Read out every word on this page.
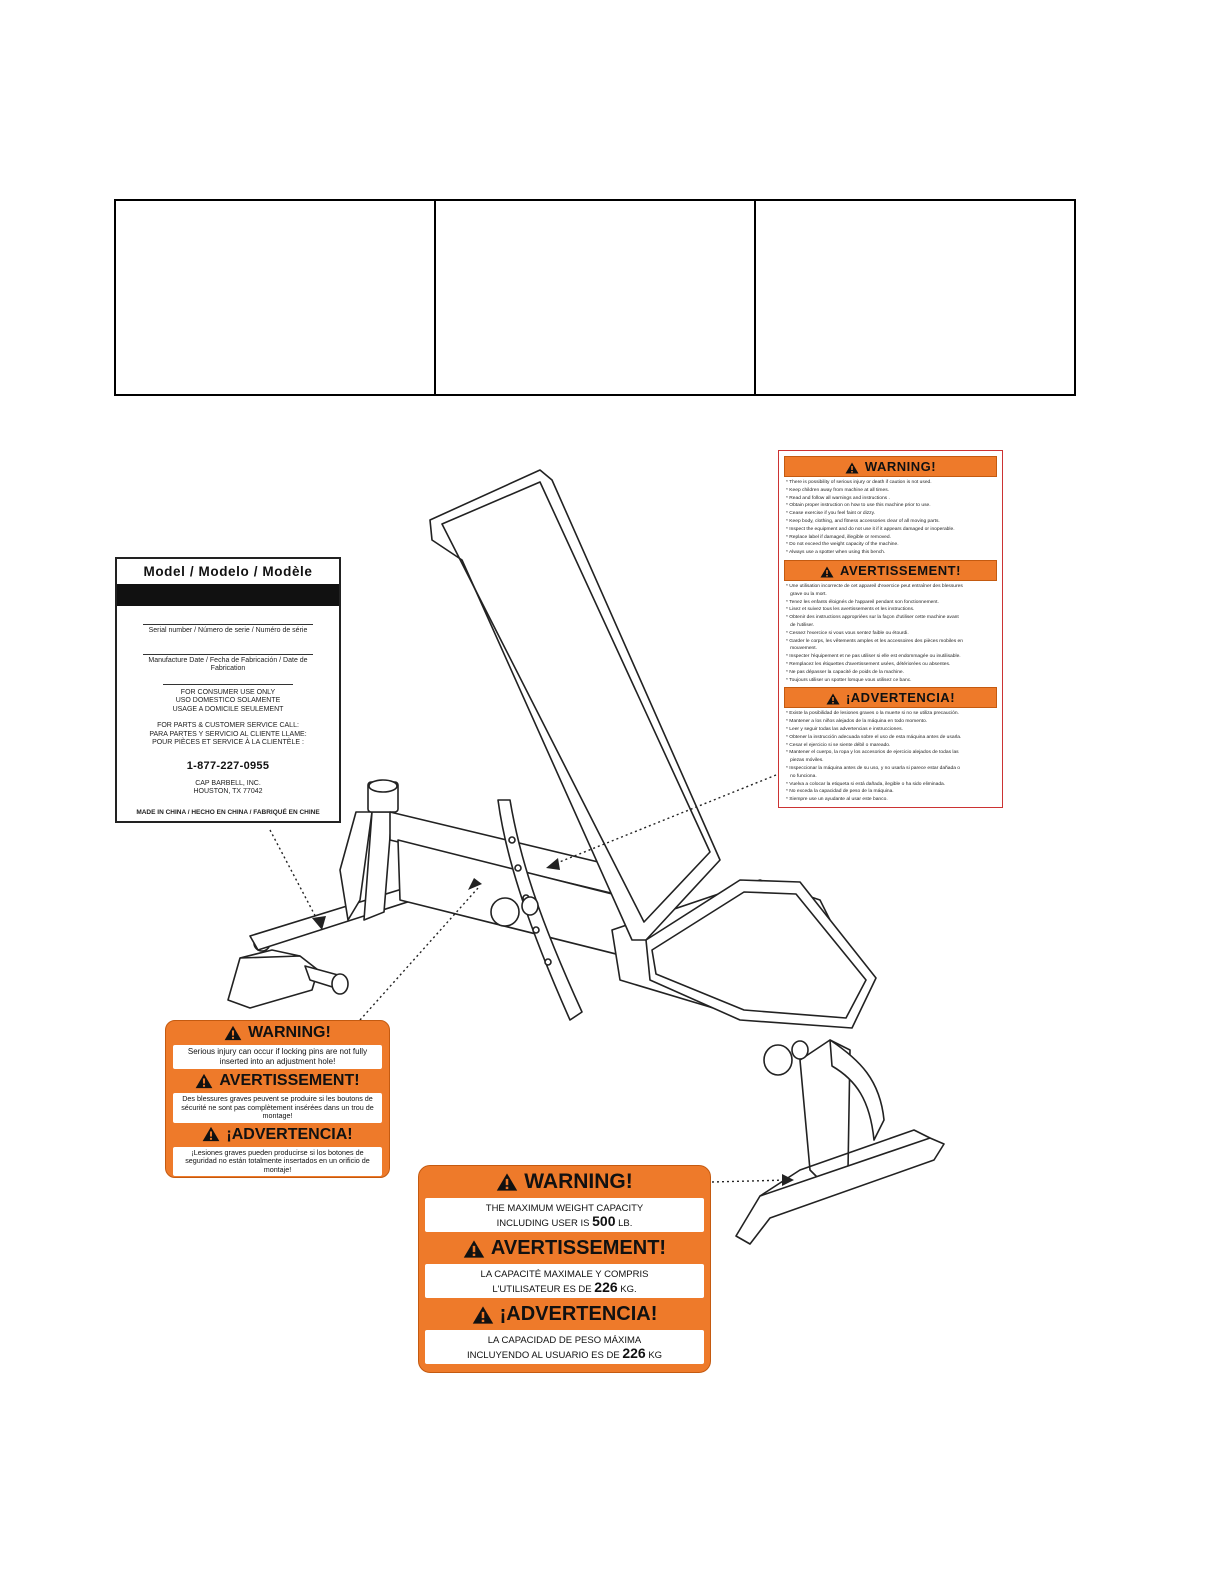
Model / Modelo / Modèle
Serial number / Número de serie / Numéro de série
Manufacture Date / Fecha de Fabricación / Date de
Fabrication
FOR CONSUMER USE ONLY
USO DOMESTICO SOLAMENTE
USAGE A DOMICILE SEULEMENT
FOR PARTS & CUSTOMER SERVICE CALL:
PARA PARTES Y SERVICIO AL CLIENTE LLAME:
POUR PIÈCES ET SERVICE À LA CLIENTÈLE :
1-877-227-0955
CAP BARBELL, INC.
HOUSTON, TX 77042
MADE IN CHINA / HECHO EN CHINA / FABRIQUÉ EN CHINE
WARNING!
* There is possibility of serious injury or death if caution is not used.
* Keep children away from machine at all times.
* Read and follow all warnings and instructions .
* Obtain proper instruction on how to use this machine prior to use.
* Cease exercise if you feel faint or dizzy.
* Keep body, clothing, and fitness accessories clear of all moving parts.
* Inspect the equipment and do not use it if it appears damaged or inoperable.
* Replace label if damaged, illegible or removed.
* Do not exceed the weight capacity of the machine.
* Always use a spotter when using this bench.
AVERTISSEMENT!
* Une utilisation incorrecte de cet appareil d'exercice peut entraîner des blessures
grave ou la mort.
* Tenez les enfants éloignés de l'appareil pendant son fonctionnement.
* Lisez et suivez tous les avertissements et les instructions.
* Obtenir des instructions appropriées sur la façon d'utiliser cette machine avant
de l'utiliser.
* Cessez l'exercice si vous vous sentez faible ou étourdi.
* Garder le corps, les vêtements amples et les accessoires des pièces mobiles en
mouvement.
* Inspecter l'équipement et ne pas utiliser si elle est endommagée ou inutilisable.
* Remplacez les étiquettes d'avertissement usées, détériorées ou absentes.
* Ne pas dépasser la capacité de poids de la machine.
* Toujours utiliser un spotter lorsque vous utilisez ce banc.
¡ADVERTENCIA!
* Existe la posibilidad de lesiones graves o la muerte si no se utiliza precaución.
* Mantener a los niños alejados de la máquina en todo momento.
* Leer y seguir todas las advertencias e instrucciones.
* Obtener la instrucción adecuada sobre el uso de esta máquina antes de usarla.
* Cesar el ejercicio si se siente débil o mareado.
* Mantener el cuerpo, la ropa y los accesorios de ejercicio alejados de todas las
piezas móviles.
* Inspeccionar la máquina antes de su uso, y no usarla si parece estar dañada o
no funciona.
* Vuelva a colocar la etiqueta si está dañada, ilegible o ha sido eliminada.
* No exceda la capacidad de peso de la máquina.
* Siempre use un ayudante al usar este banco.
WARNING!
Serious injury can occur if locking pins are not fully inserted into an adjustment hole!
AVERTISSEMENT!
Des blessures graves peuvent se produire si les boutons de sécurité ne sont pas complètement insérées dans un trou de montage!
¡ADVERTENCIA!
¡Lesiones graves pueden producirse si los botones de seguridad no están totalmente insertados en un orificio de montaje!
WARNING!
THE MAXIMUM WEIGHT CAPACITY
INCLUDING USER IS 500 LB.
AVERTISSEMENT!
LA CAPACITÉ MAXIMALE Y COMPRIS
L'UTILISATEUR ES DE 226 KG.
¡ADVERTENCIA!
LA CAPACIDAD DE PESO MÁXIMA
INCLUYENDO AL USUARIO ES DE 226 KG
